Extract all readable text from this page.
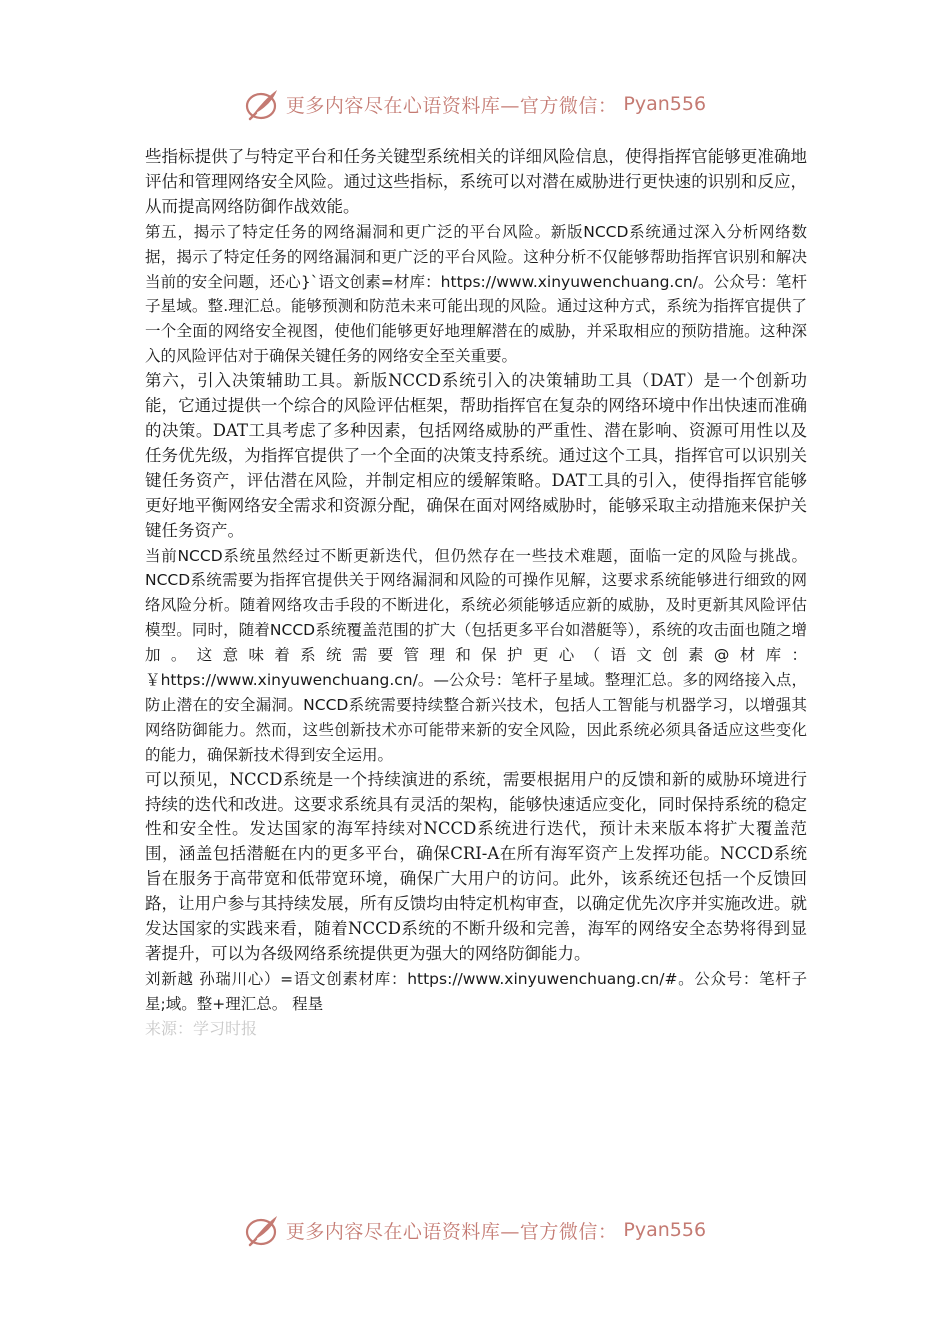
更多内容尽在心语资料库—官方微信： Pyan556

些指标提供了与特定平台和任务关键型系统相关的详细风险信息，使得指挥官能够更准确地评估和管理网络安全风险。通过这些指标，系统可以对潜在威胁进行更快速的识别和反应，从而提高网络防御作战效能。

第五，揭示了特定任务的网络漏洞和更广泛的平台风险。新版NCCD系统通过深入分析网络数据，揭示了特定任务的网络漏洞和更广泛的平台风险。这种分析不仅能够帮助指挥官识别和解决当前的安全问题，还心}`语文创素=材库：https://www.xinyuwenchuang.cn/。公众号：笔杆子星域。整.理汇总。能够预测和防范未来可能出现的风险。通过这种方式，系统为指挥官提供了一个全面的网络安全视图，使他们能够更好地理解潜在的威胁，并采取相应的预防措施。这种深入的风险评估对于确保关键任务的网络安全至关重要。

第六，引入决策辅助工具。新版NCCD系统引入的决策辅助工具（DAT）是一个创新功能，它通过提供一个综合的风险评估框架，帮助指挥官在复杂的网络环境中作出快速而准确的决策。DAT工具考虑了多种因素，包括网络威胁的严重性、潜在影响、资源可用性以及任务优先级，为指挥官提供了一个全面的决策支持系统。通过这个工具，指挥官可以识别关键任务资产，评估潜在风险，并制定相应的缓解策略。DAT工具的引入，使得指挥官能够更好地平衡网络安全需求和资源分配，确保在面对网络威胁时，能够采取主动措施来保护关键任务资产。

当前NCCD系统虽然经过不断更新迭代，但仍然存在一些技术难题，面临一定的风险与挑战。NCCD系统需要为指挥官提供关于网络漏洞和风险的可操作见解，这要求系统能够进行细致的网络风险分析。随着网络攻击手段的不断进化，系统必须能够适应新的威胁，及时更新其风险评估模型。同时，随着NCCD系统覆盖范围的扩大（包括更多平台如潜艇等），系统的攻击面也随之增加。这意味着系统需要管理和保护更心（语文创素@材库：￥https://www.xinyuwenchuang.cn/。—公众号：笔杆子星域。整理汇总。多的网络接入点，防止潜在的安全漏洞。NCCD系统需要持续整合新兴技术，包括人工智能与机器学习，以增强其网络防御能力。然而，这些创新技术亦可能带来新的安全风险，因此系统必须具备适应这些变化的能力，确保新技术得到安全运用。

可以预见，NCCD系统是一个持续演进的系统，需要根据用户的反馈和新的威胁环境进行持续的迭代和改进。这要求系统具有灵活的架构，能够快速适应变化，同时保持系统的稳定性和安全性。发达国家的海军持续对NCCD系统进行迭代，预计未来版本将扩大覆盖范围，涵盖包括潜艇在内的更多平台，确保CRI-A在所有海军资产上发挥功能。NCCD系统旨在服务于高带宽和低带宽环境，确保广大用户的访问。此外，该系统还包括一个反馈回路，让用户参与其持续发展，所有反馈均由特定机构审查，以确定优先次序并实施改进。就发达国家的实践来看，随着NCCD系统的不断升级和完善，海军的网络安全态势将得到显著提升，可以为各级网络系统提供更为强大的网络防御能力。

刘新越 孙瑞川心）=语文创素材库：https://www.xinyuwenchuang.cn/#。公众号：笔杆子星;域。整+理汇总。 程垦

来源：学习时报

更多内容尽在心语资料库—官方微信： Pyan556
